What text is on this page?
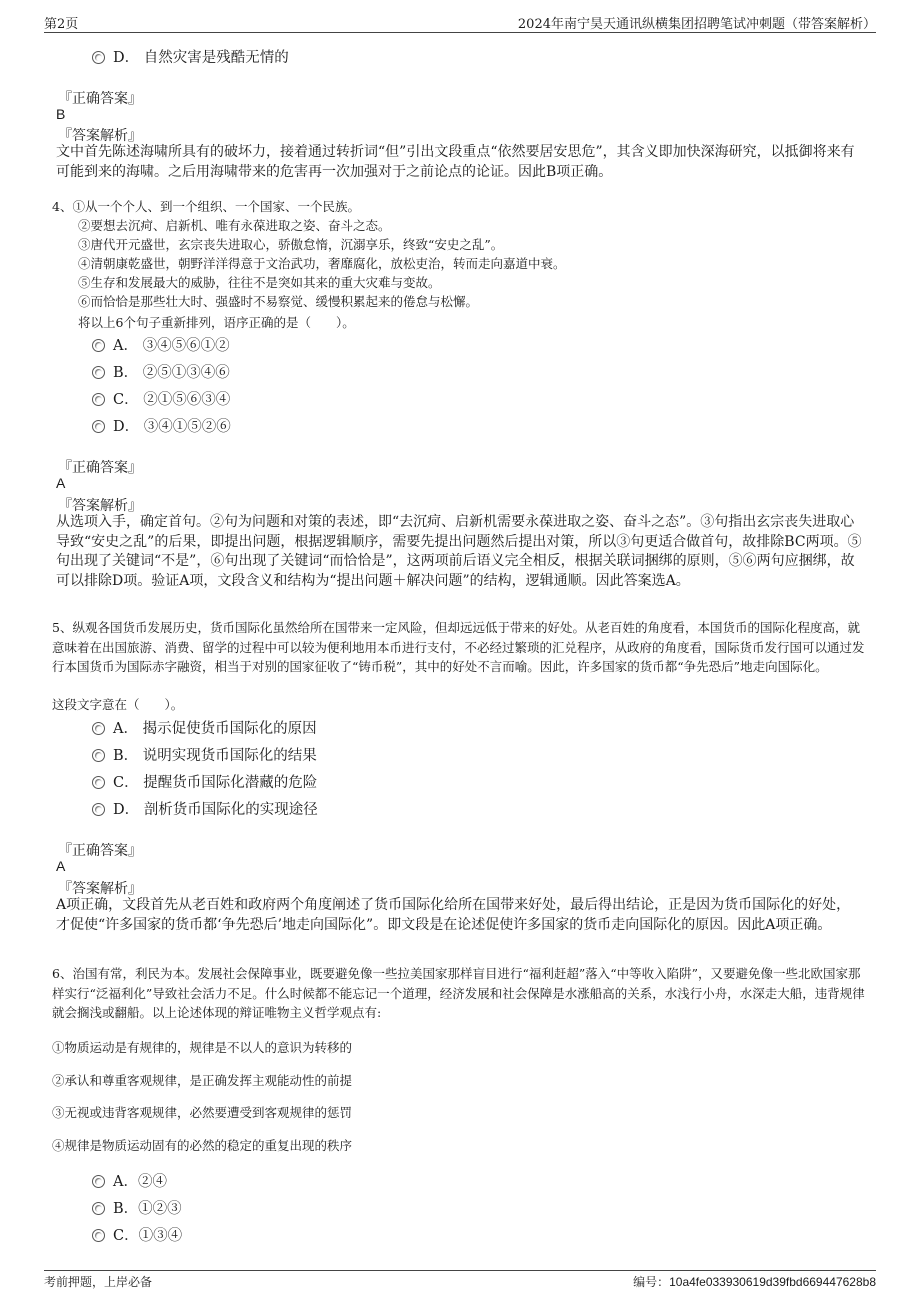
第2页	2024年南宁昊天通讯纵横集团招聘笔试冲刺题（带答案解析）
D． 自然灾害是残酷无情的
『正确答案』
B
『答案解析』
文中首先陈述海啸所具有的破坏力，接着通过转折词“但”引出文段重点“依然要居安思危”，其含义即加快深海研究，以抵御将来有可能到来的海啸。之后用海啸带来的危害再一次加强对于之前论点的论证。因此B项正确。
4、①从一个个人、到一个组织、一个国家、一个民族。
②要想去沉疴、启新机、唯有永葆进取之姿、奋斗之态。
③唐代开元盛世，玄宗丧失进取心，骄傲怠惰，沉溺享乐，终致“安史之乱”。
④清朝康乾盛世，朝野洋洋得意于文治武功，奢靡腐化，放松吏治，转而走向嘉道中衰。
⑤生存和发展最大的威胁，往往不是突如其来的重大灾难与变故。
⑥而恰恰是那些壮大时、强盛时不易察觉、缓慢积累起来的倦怠与松懈。
将以上6个句子重新排列，语序正确的是（　　）。
A． ③④⑤⑥①②
B． ②⑤①③④⑥
C． ②①⑤⑥③④
D． ③④①⑤②⑥
『正确答案』
A
『答案解析』
从选项入手，确定首句。②句为问题和对策的表述，即“去沉疴、启新机需要永葆进取之姿、奋斗之态”。③句指出玄宗丧失进取心导致“安史之乱”的后果，即提出问题，根据逻辑顺序，需要先提出问题然后提出对策，所以③句更适合做首句，故排除BC两项。⑤句出现了关键词“不是”，⑥句出现了关键词“而恰恰是”，这两项前后语义完全相反，根据关联词捆绑的原则，⑤⑥两句应捆绑，故可以排除D项。验证A项，文段含义和结构为“提出问题＋解决问题”的结构，逻辑通顺。因此答案选A。
5、纵观各国货币发展历史，货币国际化虽然给所在国带来一定风险，但却远远低于带来的好处。从老百姓的角度看，本国货币的国际化程度高，就意味着在出国旅游、消费、留学的过程中可以较为便利地用本币进行支付，不必经过繁琐的汇兑程序，从政府的角度看，国际货币发行国可以通过发行本国货币为国际赤字融资，相当于对别的国家征收了“铸币税”，其中的好处不言而喻。因此，许多国家的货币都“争先恐后”地走向国际化。
这段文字意在（　　）。
A． 揭示促使货币国际化的原因
B． 说明实现货币国际化的结果
C． 提醒货币国际化潜藏的危险
D． 剖析货币国际化的实现途径
『正确答案』
A
『答案解析』
A项正确，文段首先从老百姓和政府两个角度阐述了货币国际化给所在国带来好处，最后得出结论，正是因为货币国际化的好处，才促使“许多国家的货币都‘争先恐后’地走向国际化”。即文段是在论述促使许多国家的货币走向国际化的原因。因此A项正确。
6、治国有常，利民为本。发展社会保障事业，既要避免像一些拉美国家那样盲目进行“福利赶超”落入“中等收入陷阱”，又要避免像一些北欧国家那样实行“泛福利化”导致社会活力不足。什么时候都不能忘记一个道理，经济发展和社会保障是水涨船高的关系，水浅行小舟，水深走大船，违背规律就会搁浅或翻船。以上论述体现的辩证唯物主义哲学观点有:
①物质运动是有规律的，规律是不以人的意识为转移的
②承认和尊重客观规律，是正确发挥主观能动性的前提
③无视或违背客观规律，必然要遭受到客观规律的惩罚
④规律是物质运动固有的必然的稳定的重复出现的秩序
A．②④
B．①②③
C．①③④
考前押题，上岸必备	编号：10a4fe033930619d39fbd669447628b8
